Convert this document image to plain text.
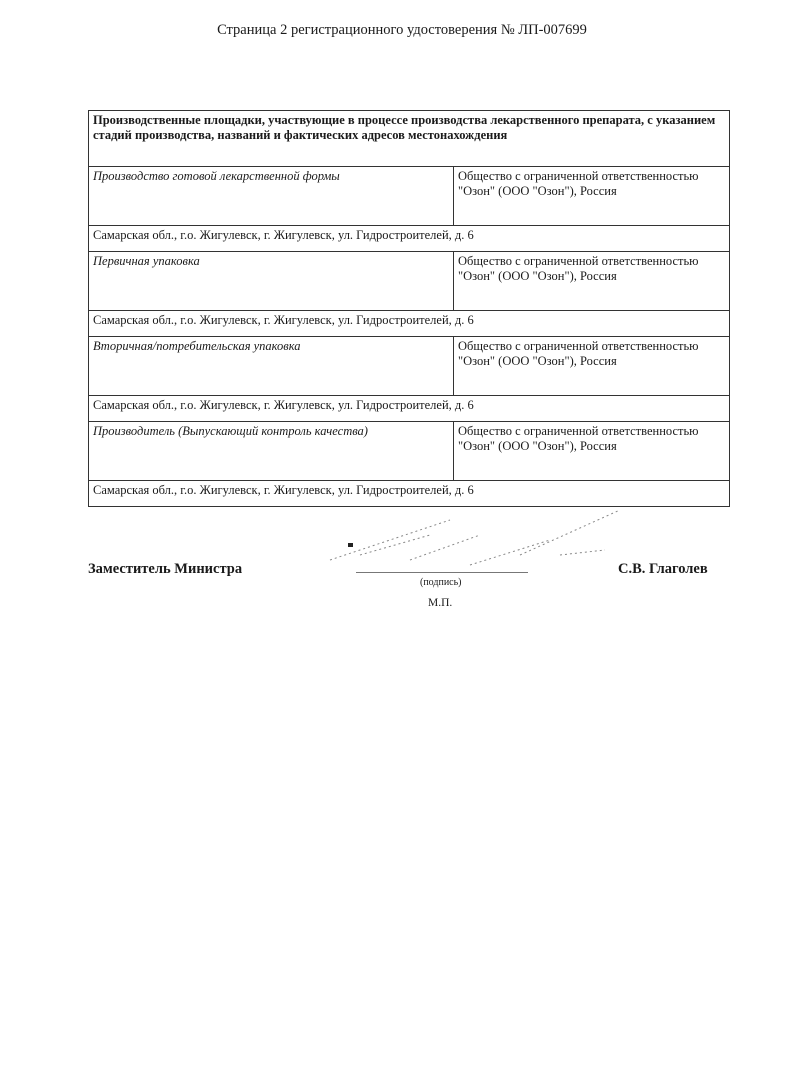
Страница 2 регистрационного удостоверения № ЛП-007699
Производственные площадки, участвующие в процессе производства лекарственного препарата, с указанием стадий производства, названий и фактических адресов местонахождения	
Производство готовой лекарственной формы	Общество с ограниченной ответственностью "Озон" (ООО "Озон"), Россия
Самарская обл., г.о. Жигулевск, г. Жигулевск, ул. Гидростроителей, д. 6	
Первичная упаковка	Общество с ограниченной ответственностью "Озон" (ООО "Озон"), Россия
Самарская обл., г.о. Жигулевск, г. Жигулевск, ул. Гидростроителей, д. 6	
Вторичная/потребительская упаковка	Общество с ограниченной ответственностью "Озон" (ООО "Озон"), Россия
Самарская обл., г.о. Жигулевск, г. Жигулевск, ул. Гидростроителей, д. 6	
Производитель (Выпускающий контроль качества)	Общество с ограниченной ответственностью "Озон" (ООО "Озон"), Россия
Самарская обл., г.о. Жигулевск, г. Жигулевск, ул. Гидростроителей, д. 6	
Заместитель Министра
(подпись)
М.П.
С.В. Глаголев
